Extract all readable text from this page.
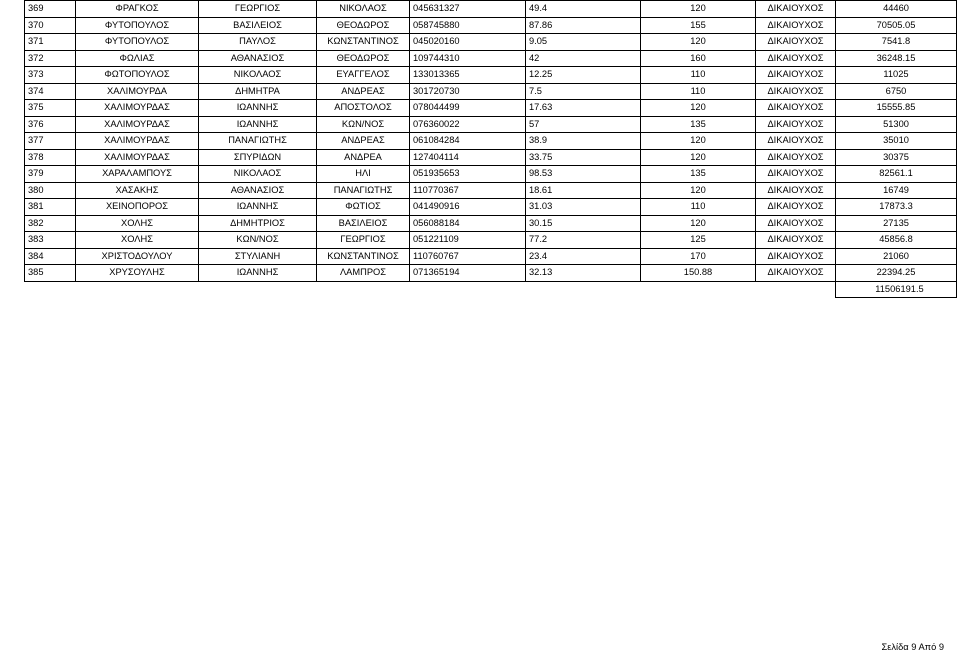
369	ΦΡΑΓΚΟΣ	ΓΕΩΡΓΙΟΣ	ΝΙΚΟΛΑΟΣ	045631327	49.4	120	ΔΙΚΑΙΟΥΧΟΣ	44460
370	ΦΥΤΟΠΟΥΛΟΣ	ΒΑΣΙΛΕΙΟΣ	ΘΕΟΔΩΡΟΣ	058745880	87.86	155	ΔΙΚΑΙΟΥΧΟΣ	70505.05
371	ΦΥΤΟΠΟΥΛΟΣ	ΠΑΥΛΟΣ	ΚΩΝΣΤΑΝΤΙΝΟΣ	045020160	9.05	120	ΔΙΚΑΙΟΥΧΟΣ	7541.8
372	ΦΩΛΙΑΣ	ΑΘΑΝΑΣΙΟΣ	ΘΕΟΔΩΡΟΣ	109744310	42	160	ΔΙΚΑΙΟΥΧΟΣ	36248.15
373	ΦΩΤΟΠΟΥΛΟΣ	ΝΙΚΟΛΑΟΣ	ΕΥΑΓΓΕΛΟΣ	133013365	12.25	110	ΔΙΚΑΙΟΥΧΟΣ	11025
374	ΧΑΛΙΜΟΥΡΔΑ	ΔΗΜΗΤΡΑ	ΑΝΔΡΕΑΣ	301720730	7.5	110	ΔΙΚΑΙΟΥΧΟΣ	6750
375	ΧΑΛΙΜΟΥΡΔΑΣ	ΙΩΑΝΝΗΣ	ΑΠΟΣΤΟΛΟΣ	078044499	17.63	120	ΔΙΚΑΙΟΥΧΟΣ	15555.85
376	ΧΑΛΙΜΟΥΡΔΑΣ	ΙΩΑΝΝΗΣ	ΚΩΝ/ΝΟΣ	076360022	57	135	ΔΙΚΑΙΟΥΧΟΣ	51300
377	ΧΑΛΙΜΟΥΡΔΑΣ	ΠΑΝΑΓΙΩΤΗΣ	ΑΝΔΡΕΑΣ	061084284	38.9	120	ΔΙΚΑΙΟΥΧΟΣ	35010
378	ΧΑΛΙΜΟΥΡΔΑΣ	ΣΠΥΡΙΔΩΝ	ΑΝΔΡΕΑ	127404114	33.75	120	ΔΙΚΑΙΟΥΧΟΣ	30375
379	ΧΑΡΑΛΑΜΠΟΥΣ	ΝΙΚΟΛΑΟΣ	ΗΛΙ	051935653	98.53	135	ΔΙΚΑΙΟΥΧΟΣ	82561.1
380	ΧΑΣΑΚΗΣ	ΑΘΑΝΑΣΙΟΣ	ΠΑΝΑΓΙΩΤΗΣ	110770367	18.61	120	ΔΙΚΑΙΟΥΧΟΣ	16749
381	ΧΕΙΝΟΠΟΡΟΣ	ΙΩΑΝΝΗΣ	ΦΩΤΙΟΣ	041490916	31.03	110	ΔΙΚΑΙΟΥΧΟΣ	17873.3
382	ΧΟΛΗΣ	ΔΗΜΗΤΡΙΟΣ	ΒΑΣΙΛΕΙΟΣ	056088184	30.15	120	ΔΙΚΑΙΟΥΧΟΣ	27135
383	ΧΟΛΗΣ	ΚΩΝ/ΝΟΣ	ΓΕΩΡΓΙΟΣ	051221109	77.2	125	ΔΙΚΑΙΟΥΧΟΣ	45856.8
384	ΧΡΙΣΤΟΔΟΥΛΟΥ	ΣΤΥΛΙΑΝΗ	ΚΩΝΣΤΑΝΤΙΝΟΣ	110760767	23.4	170	ΔΙΚΑΙΟΥΧΟΣ	21060
385	ΧΡΥΣΟΥΛΗΣ	ΙΩΑΝΝΗΣ	ΛΑΜΠΡΟΣ	071365194	32.13	150.88	ΔΙΚΑΙΟΥΧΟΣ	22394.25
								11506191.5
Σελίδα 9 Από 9
